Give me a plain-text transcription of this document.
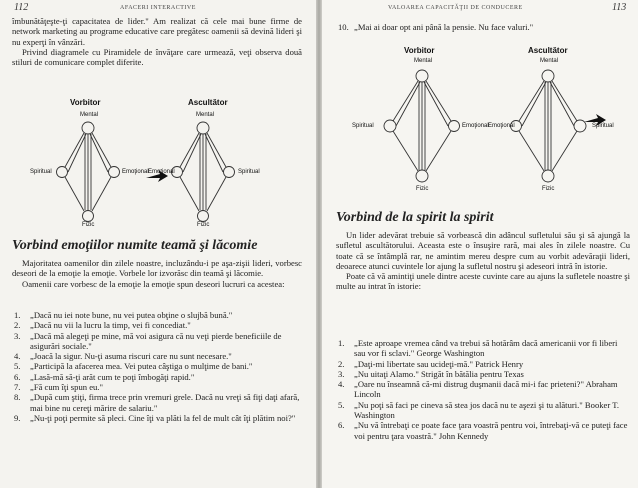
112	AFACERI INTERACTIVE

îmbunătăţeşte-ţi capacitatea de lider." Am realizat că cele mai bune firme de network marketing au programe educative care pregătesc oamenii să devină lideri şi nu experţi în vânzări.

Privind diagramele cu Piramidele de învăţare care urmează, veţi observa două stiluri de comunicare complet diferite.

Vorbitor	Ascultător
Mental	Mental
Spiritual	Emoţional Emoţional	Spiritual
Fizic	Fizic
Vorbind emoţiilor numite teamă şi lăcomie

Majoritatea oamenilor din zilele noastre, incluzându-i pe aşa-zişii lideri, vorbesc deseori de la emoţie la emoţie. Vorbele lor izvorăsc din teamă şi lăcomie.

Oamenii care vorbesc de la emoţie la emoţie spun deseori lucruri ca acestea:

1. „Dacă nu iei note bune, nu vei putea obţine o slujbă bună."
2. „Dacă nu vii la lucru la timp, vei fi concediat."
3. „Dacă mă alegeţi pe mine, mă voi asigura că nu veţi pierde beneficiile de asigurări sociale."
4. „Joacă la sigur. Nu-ţi asuma riscuri care nu sunt necesare."
5. „Participă la afacerea mea. Vei putea câştiga o mulţime de bani."
6. „Lasă-mă să-ţi arăt cum te poţi îmbogăţi rapid."
7. „Fă cum îţi spun eu."
8. „După cum ştiţi, firma trece prin vremuri grele. Dacă nu vreţi să fiţi daţi afară, mai bine nu cereţi mărire de salariu."
9. „Nu-ţi poţi permite să pleci. Cine îţi va plăti la fel de mult cât îţi plătim noi?"
VALOAREA CAPACITĂŢII DE CONDUCERE	113
10. „Mai ai doar opt ani până la pensie. Nu face valuri."
Vorbitor	Ascultător
Mental	Mental
Spiritual	Emoţional Emoţional	Spiritual
Fizic	Fizic
Vorbind de la spirit la spirit

Un lider adevărat trebuie să vorbească din adâncul sufletului său şi să ajungă la sufletul ascultătorului. Aceasta este o însuşire rară, mai ales în zilele noastre. Cu toate că se întâmplă rar, ne amintim mereu despre cum au vorbit adevăraţii lideri, deoarece atunci cuvintele lor ajung la sufletul nostru şi adeseori intră în istorie.

Poate că vă amintiţi unele dintre aceste cuvinte care au ajuns la sufletele noastre şi multe au intrat în istorie:

1. „Este aproape vremea când va trebui să hotărâm dacă americanii vor fi liberi sau vor fi sclavi." George Washington
2. „Daţi-mi libertate sau ucideţi-mă." Patrick Henry
3. „Nu uitaţi Alamo." Strigăt în bătălia pentru Texas
4. „Oare nu înseamnă că-mi distrug duşmanii dacă mi-i fac prieteni?" Abraham Lincoln
5. „Nu poţi să faci pe cineva să stea jos dacă nu te aşezi şi tu alături." Booker T. Washington
6. „Nu vă întrebaţi ce poate face ţara voastră pentru voi, întrebaţi-vă ce puteţi face voi pentru ţara voastră." John Kennedy
